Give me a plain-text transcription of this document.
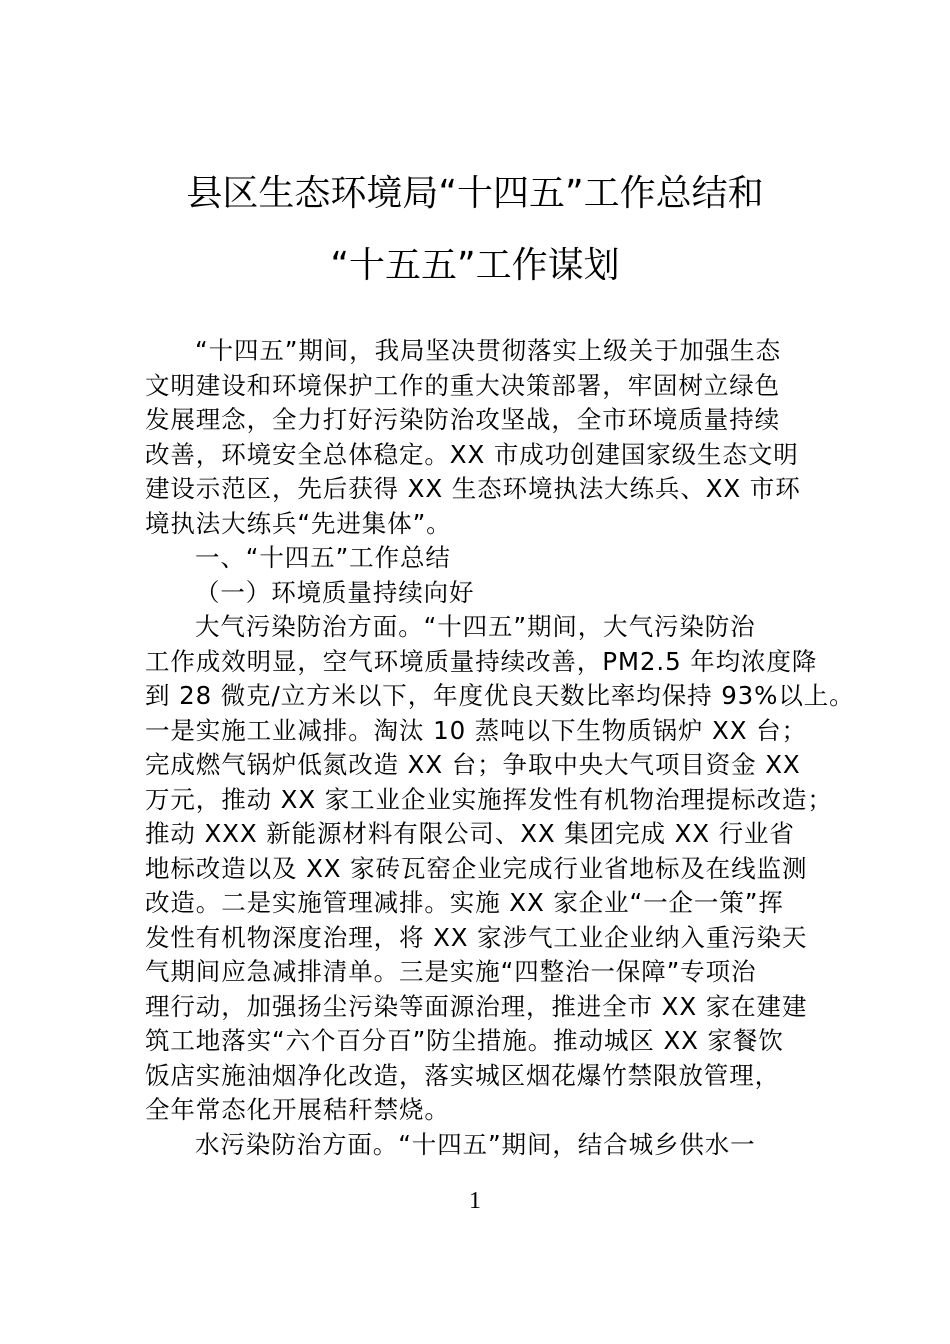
县区生态环境局“十四五”工作总结和
“十五五”工作谋划
“十四五”期间，我局坚决贯彻落实上级关于加强生态
文明建设和环境保护工作的重大决策部署，牢固树立绿色
发展理念，全力打好污染防治攻坚战，全市环境质量持续
改善，环境安全总体稳定。XX 市成功创建国家级生态文明
建设示范区，先后获得 XX 生态环境执法大练兵、XX 市环
境执法大练兵“先进集体”。
一、“十四五”工作总结
（一）环境质量持续向好
大气污染防治方面。“十四五”期间，大气污染防治
工作成效明显，空气环境质量持续改善，PM2.5 年均浓度降
到 28 微克/立方米以下，年度优良天数比率均保持 93%以上。
一是实施工业减排。淘汰 10 蒸吨以下生物质锅炉 XX 台；
完成燃气锅炉低氮改造 XX 台；争取中央大气项目资金 XX
万元，推动 XX 家工业企业实施挥发性有机物治理提标改造；
推动 XXX 新能源材料有限公司、XX 集团完成 XX 行业省
地标改造以及 XX 家砖瓦窑企业完成行业省地标及在线监测
改造。二是实施管理减排。实施 XX 家企业“一企一策”挥
发性有机物深度治理，将 XX 家涉气工业企业纳入重污染天
气期间应急减排清单。三是实施“四整治一保障”专项治
理行动，加强扬尘污染等面源治理，推进全市 XX 家在建建
筑工地落实“六个百分百”防尘措施。推动城区 XX 家餐饮
饭店实施油烟净化改造，落实城区烟花爆竹禁限放管理，
全年常态化开展秸秆禁烧。
水污染防治方面。“十四五”期间，结合城乡供水一
1
